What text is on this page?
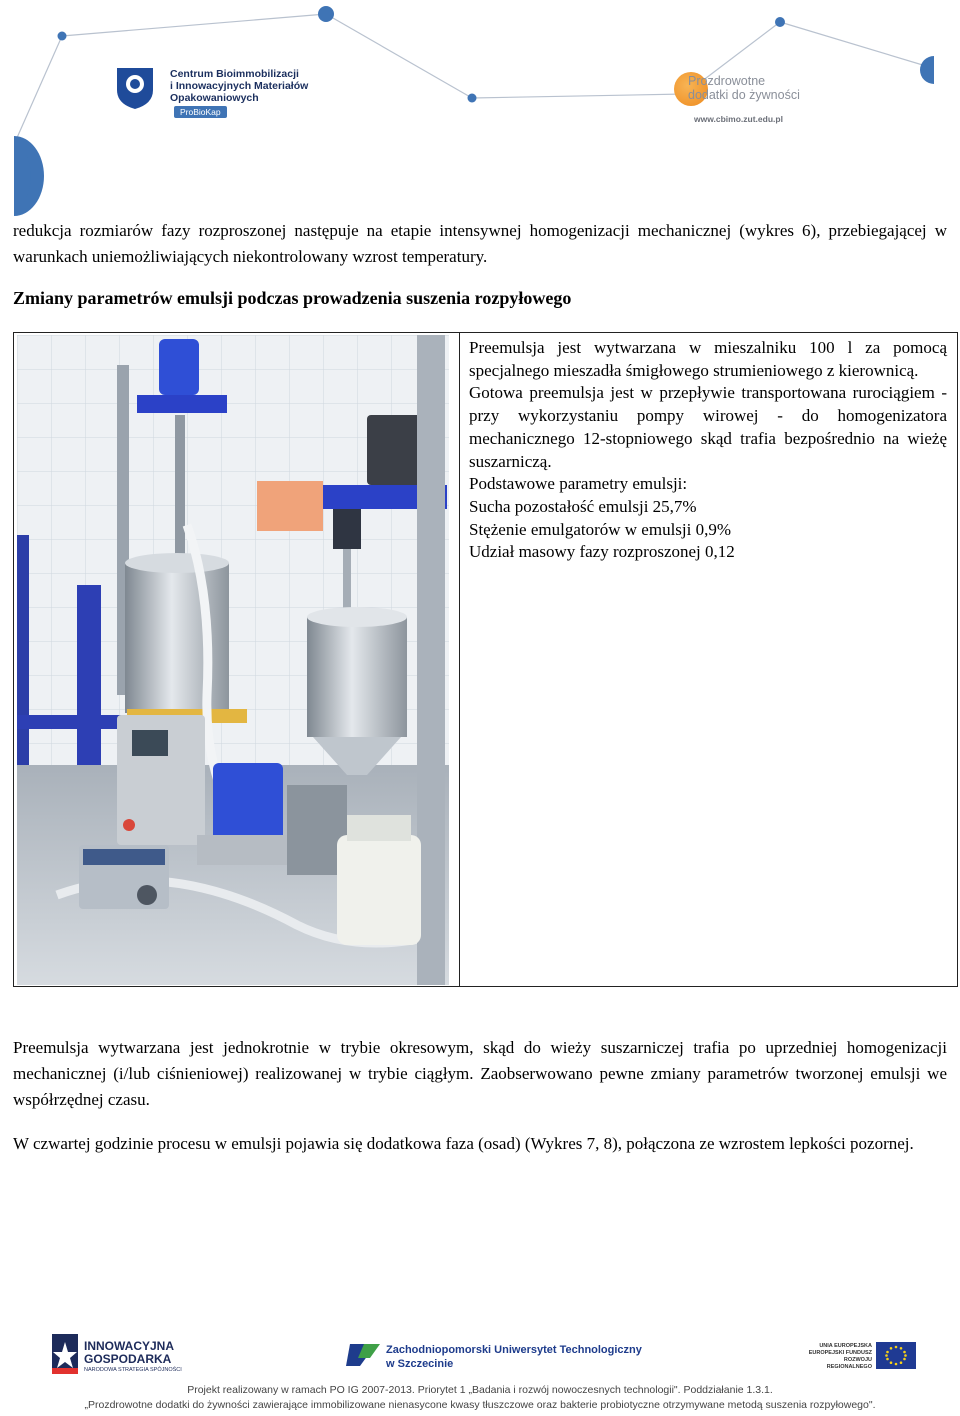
Centrum Bioimmobilizacji
i Innowacyjnych Materiałów
Opakowaniowych
ProBioKap
Prozdrowotne
dodatki do żywności
www.cbimo.zut.edu.pl

redukcja rozmiarów fazy rozproszonej następuje na etapie intensywnej homogenizacji mechanicznej (wykres 6), przebiegającej w warunkach uniemożliwiających niekontrolowany wzrost temperatury.

Zmiany parametrów emulsji podczas prowadzenia suszenia rozpyłowego

Preemulsja jest wytwarzana w mieszalniku 100 l za pomocą specjalnego mieszadła śmigłowego strumieniowego z kierownicą.

Gotowa preemulsja jest w przepływie transportowana rurociągiem - przy wykorzystaniu pompy wirowej - do homogenizatora mechanicznego 12-stopniowego skąd trafia bezpośrednio na wieżę suszarniczą.

Podstawowe parametry emulsji:

Sucha pozostałość emulsji 25,7%

Stężenie emulgatorów w emulsji 0,9%

Udział masowy fazy rozproszonej 0,12

Preemulsja wytwarzana jest jednokrotnie w trybie okresowym, skąd do wieży suszarniczej trafia po uprzedniej homogenizacji mechanicznej (i/lub ciśnieniowej) realizowanej w trybie ciągłym. Zaobserwowano pewne zmiany parametrów tworzonej emulsji we współrzędnej czasu.

W czwartej godzinie procesu w emulsji pojawia się dodatkowa faza (osad) (Wykres 7, 8), połączona ze wzrostem lepkości pozornej.

INNOWACYJNA
GOSPODARKA
NARODOWA STRATEGIA SPÓJNOŚCI
Zachodniopomorski Uniwersytet Technologiczny
w Szczecinie
UNIA EUROPEJSKA
EUROPEJSKI FUNDUSZ
ROZWOJU REGIONALNEGO
Projekt realizowany w ramach PO IG 2007-2013. Priorytet 1 „Badania i rozwój nowoczesnych technologii". Poddziałanie 1.3.1.
„Prozdrowotne dodatki do żywności zawierające immobilizowane nienasycone kwasy tłuszczowe oraz bakterie probiotyczne otrzymywane metodą suszenia rozpyłowego".
